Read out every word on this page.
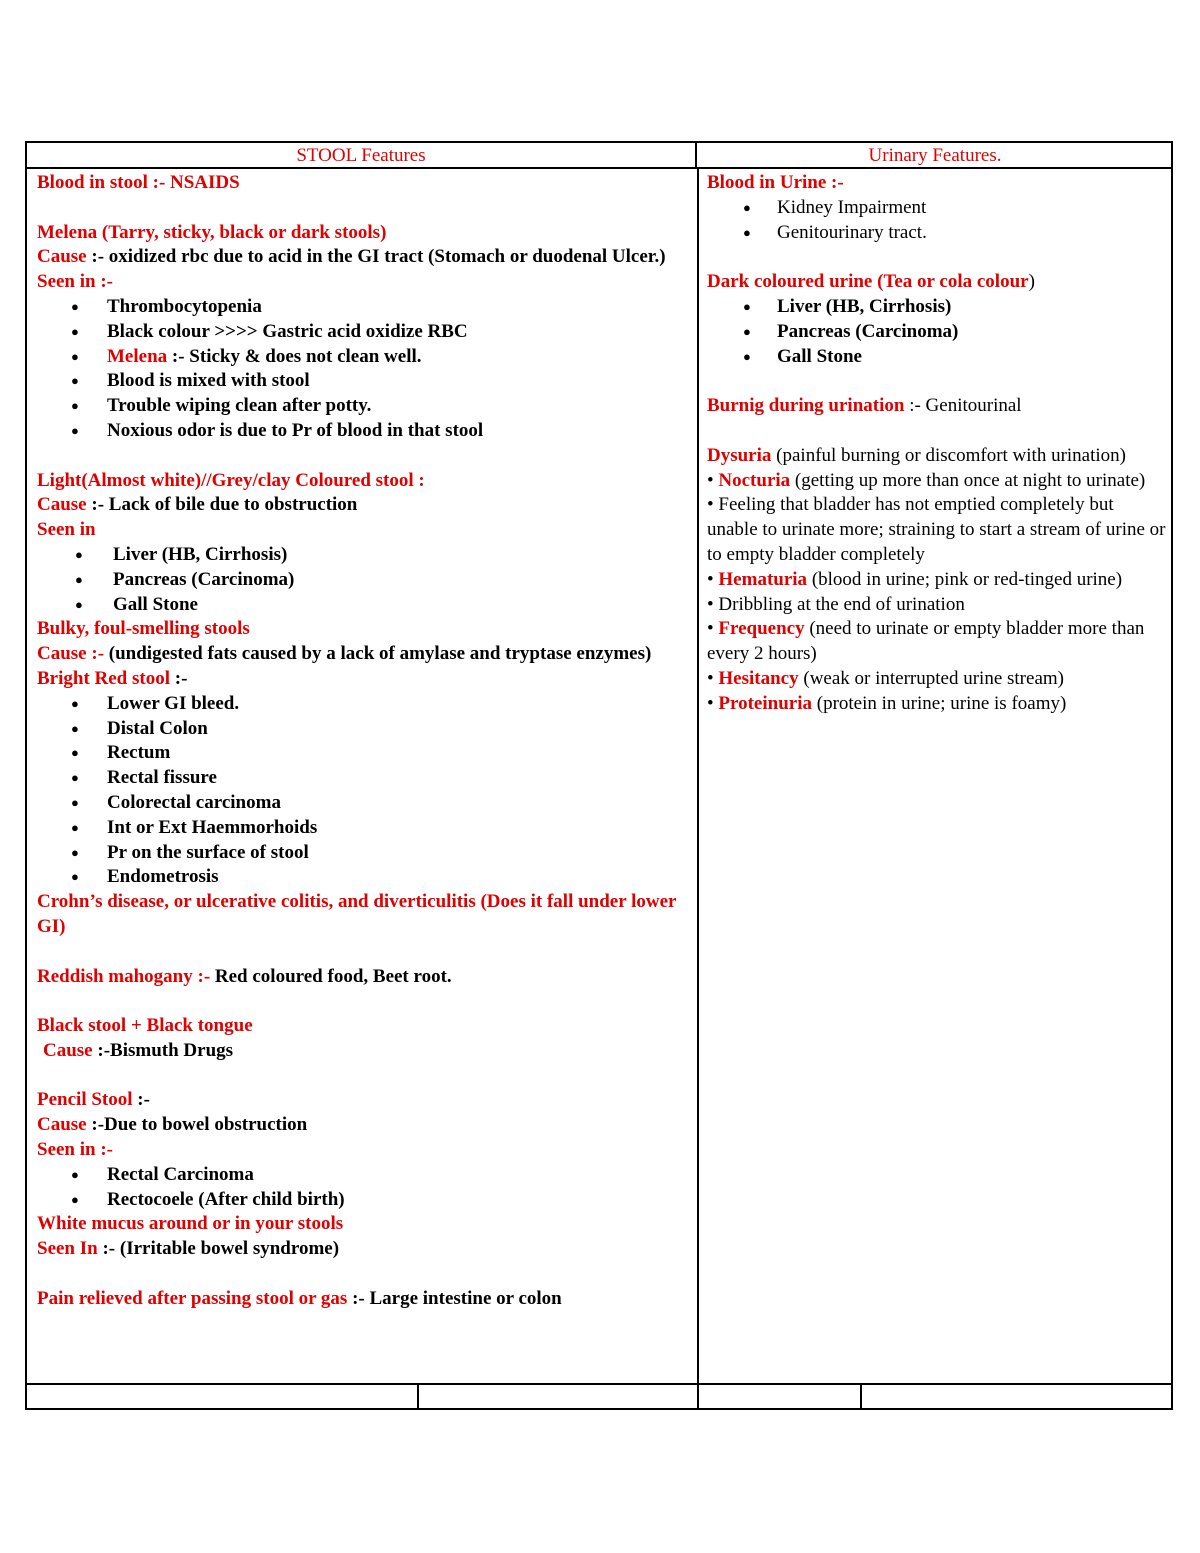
STOOL Features	Urinary Features.
Blood in stool :- NSAIDS
Melena (Tarry, sticky, black or dark stools)
Cause :- oxidized rbc due to acid in the GI tract (Stomach or duodenal Ulcer.)
Seen in :-
● Thrombocytopenia
● Black colour >>>> Gastric acid oxidize RBC
● Melena :- Sticky & does not clean well.
● Blood is mixed with stool
● Trouble wiping clean after potty.
● Noxious odor is due to Pr of blood in that stool
Light(Almost white)//Grey/clay Coloured stool :
Cause :- Lack of bile due to obstruction
Seen in
● Liver (HB, Cirrhosis)
● Pancreas (Carcinoma)
● Gall Stone
Bulky, foul-smelling stools
Cause :- (undigested fats caused by a lack of amylase and tryptase enzymes)
Bright Red stool :-
● Lower GI bleed.
● Distal Colon
● Rectum
● Rectal fissure
● Colorectal carcinoma
● Int or Ext Haemmorhoids
● Pr on the surface of stool
● Endometrosis
Crohn’s disease, or ulcerative colitis, and diverticulitis (Does it fall under lower GI)
Reddish mahogany :- Red coloured food, Beet root.
Black stool + Black tongue
Cause :-Bismuth Drugs
Pencil Stool :-
Cause :-Due to bowel obstruction
Seen in :-
● Rectal Carcinoma
● Rectocoele (After child birth)
White mucus around or in your stools
Seen In :- (Irritable bowel syndrome)
Pain relieved after passing stool or gas :- Large intestine or colon
Blood in Urine :-
● Kidney Impairment
● Genitourinary tract.
Dark coloured urine (Tea or cola colour)
● Liver (HB, Cirrhosis)
● Pancreas (Carcinoma)
● Gall Stone
Burnig during urination :- Genitourinal
Dysuria (painful burning or discomfort with urination)
• Nocturia (getting up more than once at night to urinate)
• Feeling that bladder has not emptied completely but unable to urinate more; straining to start a stream of urine or to empty bladder completely
• Hematuria (blood in urine; pink or red-tinged urine)
• Dribbling at the end of urination
• Frequency (need to urinate or empty bladder more than every 2 hours)
• Hesitancy (weak or interrupted urine stream)
• Proteinuria (protein in urine; urine is foamy)
